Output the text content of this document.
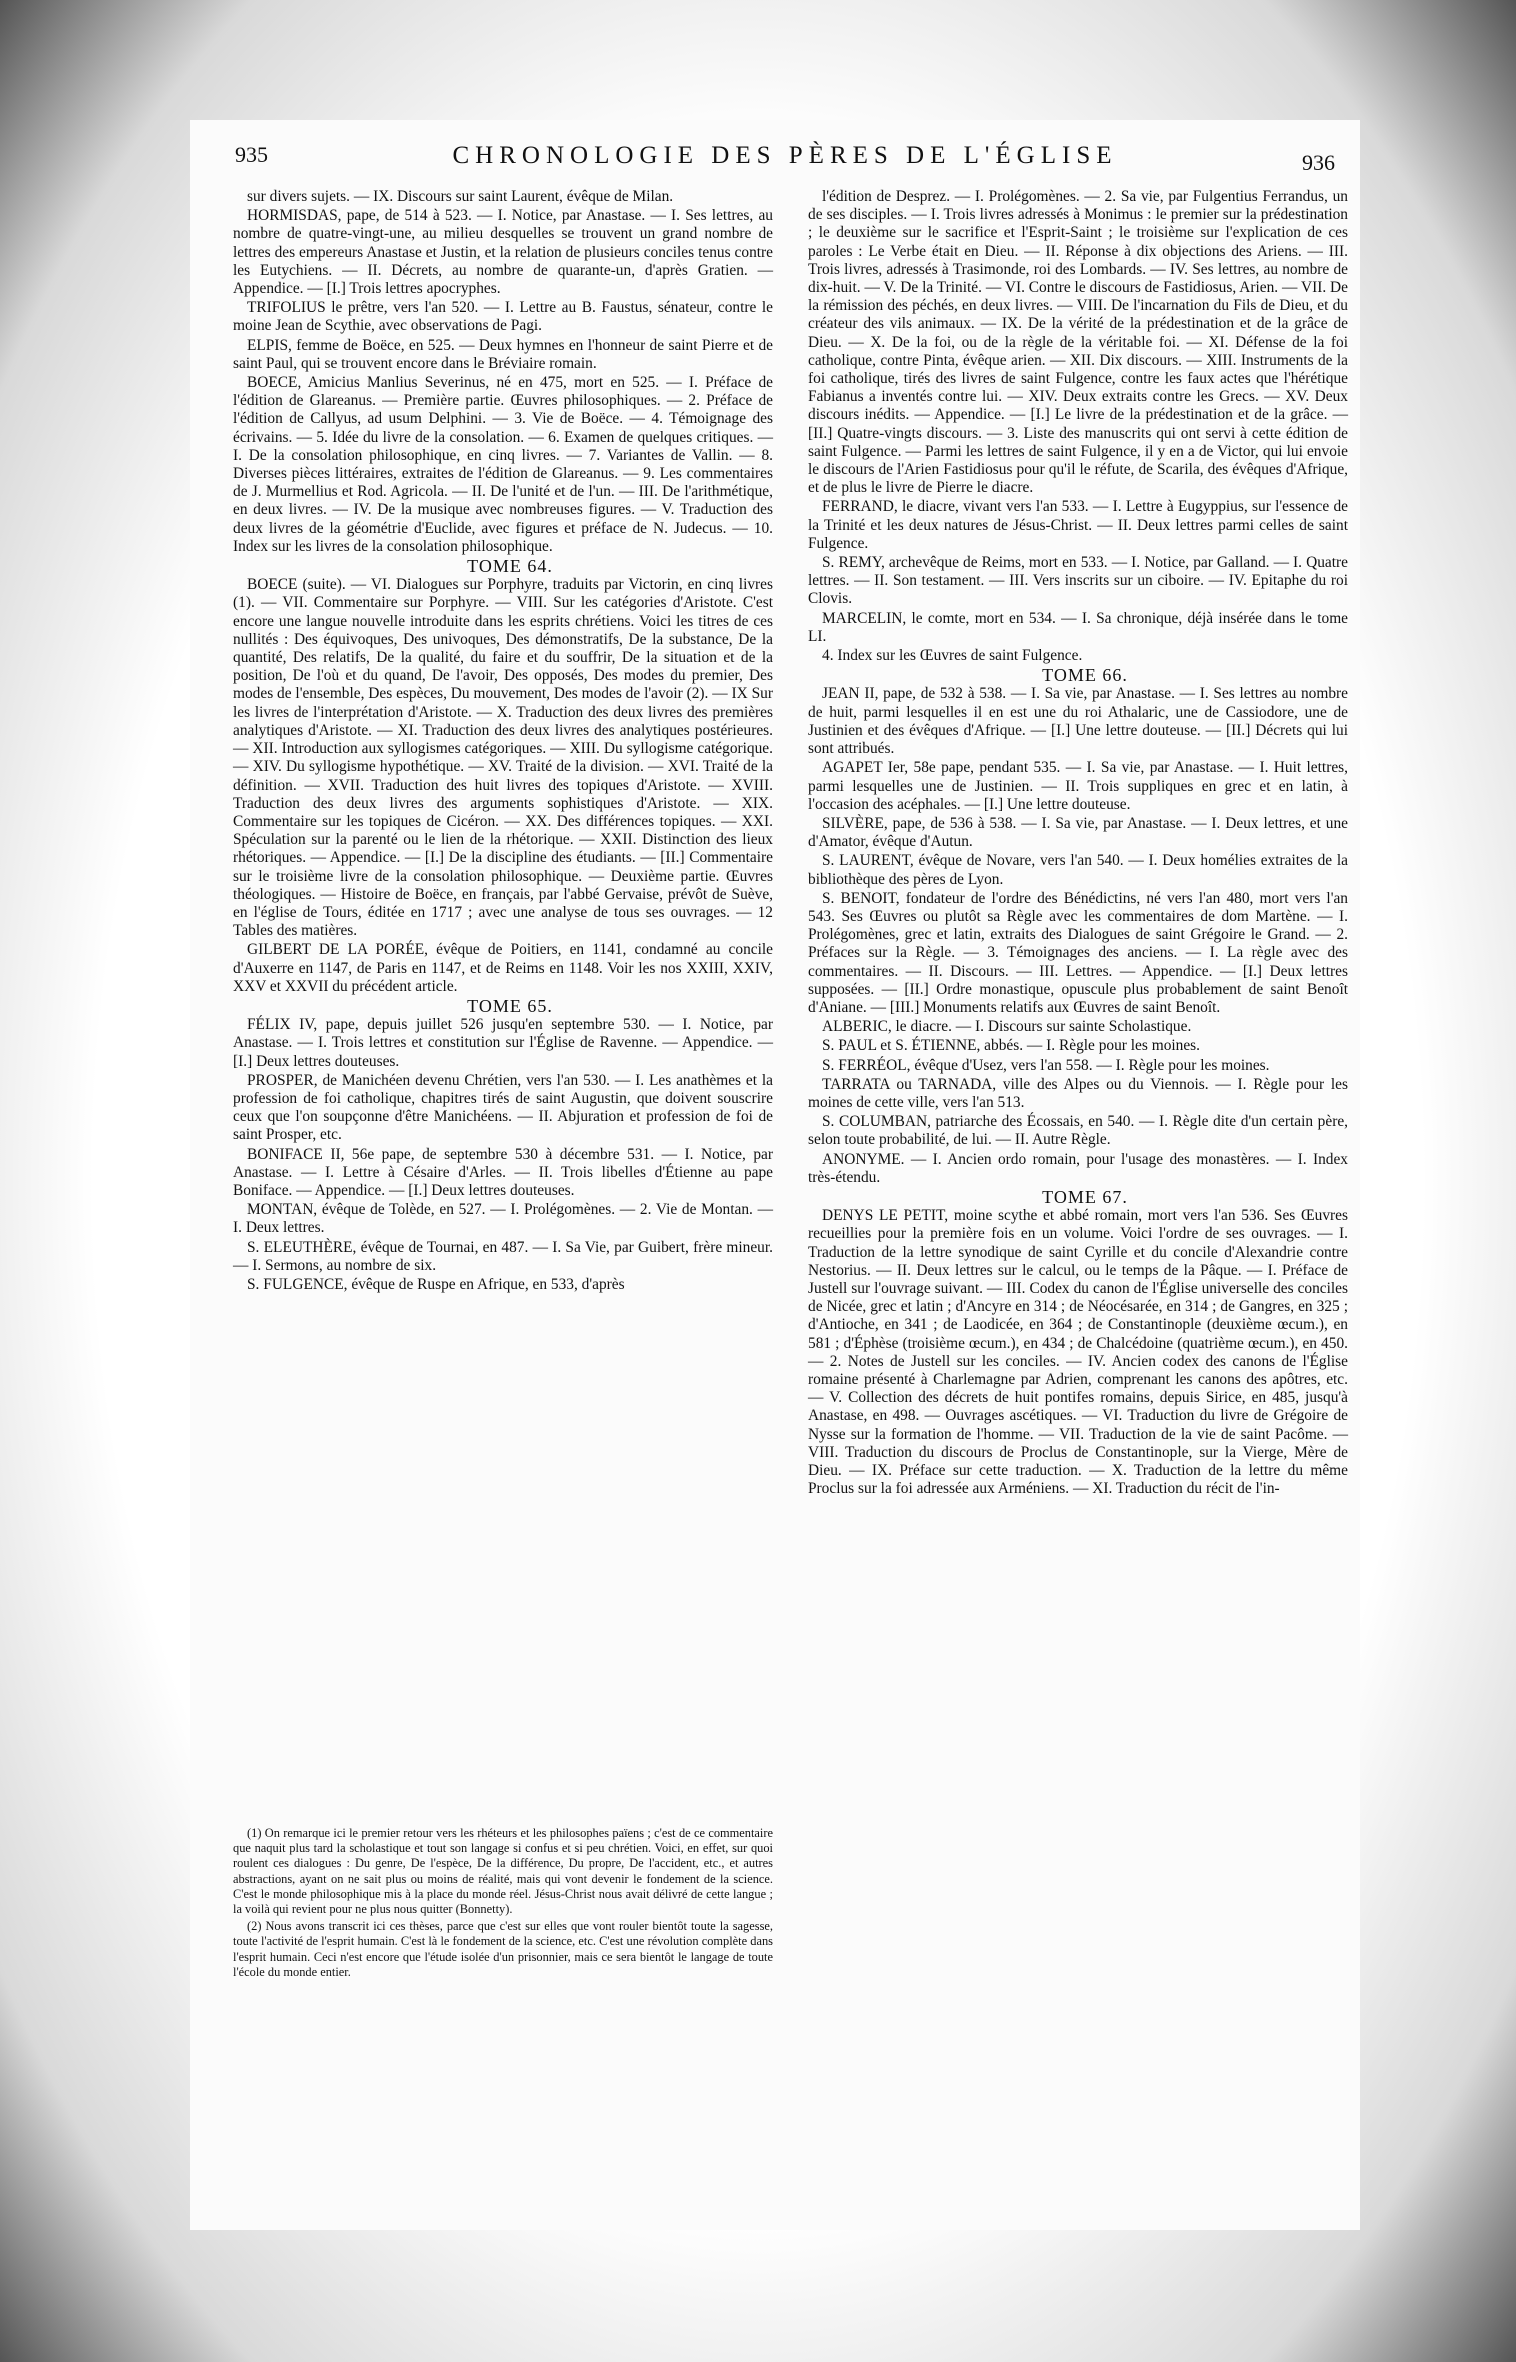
935	CHRONOLOGIE DES PÈRES DE L'ÉGLISE	936

sur divers sujets. — IX. Discours sur saint Laurent, évêque de Milan.

HORMISDAS, pape, de 514 à 523. — I. Notice, par Anastase. — I. Ses lettres, au nombre de quatre-vingt-une, au milieu desquelles se trouvent un grand nombre de lettres des empereurs Anastase et Justin, et la relation de plusieurs conciles tenus contre les Eutychiens. — II. Décrets, au nombre de quarante-un, d'après Gratien. — Appendice. — [I.] Trois lettres apocryphes.

TRIFOLIUS le prêtre, vers l'an 520. — I. Lettre au B. Faustus, sénateur, contre le moine Jean de Scythie, avec observations de Pagi.

ELPIS, femme de Boëce, en 525. — Deux hymnes en l'honneur de saint Pierre et de saint Paul, qui se trouvent encore dans le Bréviaire romain.

BOECE, Amicius Manlius Severinus, né en 475, mort en 525. — I. Préface de l'édition de Glareanus. — Première partie. Œuvres philosophiques. — 2. Préface de l'édition de Callyus, ad usum Delphini. — 3. Vie de Boëce. — 4. Témoignage des écrivains. — 5. Idée du livre de la consolation. — 6. Examen de quelques critiques. — I. De la consolation philosophique, en cinq livres. — 7. Variantes de Vallin. — 8. Diverses pièces littéraires, extraites de l'édition de Glareanus. — 9. Les commentaires de J. Murmellius et Rod. Agricola. — II. De l'unité et de l'un. — III. De l'arithmétique, en deux livres. — IV. De la musique avec nombreuses figures. — V. Traduction des deux livres de la géométrie d'Euclide, avec figures et préface de N. Judecus. — 10. Index sur les livres de la consolation philosophique.

TOME 64.

BOECE (suite). — VI. Dialogues sur Porphyre, traduits par Victorin, en cinq livres (1). — VII. Commentaire sur Porphyre. — VIII. Sur les catégories d'Aristote. C'est encore une langue nouvelle introduite dans les esprits chrétiens. Voici les titres de ces nullités : Des équivoques, Des univoques, Des démonstratifs, De la substance, De la quantité, Des relatifs, De la qualité, du faire et du souffrir, De la situation et de la position, De l'où et du quand, De l'avoir, Des opposés, Des modes du premier, Des modes de l'ensemble, Des espèces, Du mouvement, Des modes de l'avoir (2). — IX Sur les livres de l'interprétation d'Aristote. — X. Traduction des deux livres des premières analytiques d'Aristote. — XI. Traduction des deux livres des analytiques postérieures. — XII. Introduction aux syllogismes catégoriques. — XIII. Du syllogisme catégorique. — XIV. Du syllogisme hypothétique. — XV. Traité de la division. — XVI. Traité de la définition. — XVII. Traduction des huit livres des topiques d'Aristote. — XVIII. Traduction des deux livres des arguments sophistiques d'Aristote. — XIX. Commentaire sur les topiques de Cicéron. — XX. Des différences topiques. — XXI. Spéculation sur la parenté ou le lien de la rhétorique. — XXII. Distinction des lieux rhétoriques. — Appendice. — [I.] De la discipline des étudiants. — [II.] Commentaire sur le troisième livre de la consolation philosophique. — Deuxième partie. Œuvres théologiques. — Histoire de Boëce, en français, par l'abbé Gervaise, prévôt de Suève, en l'église de Tours, éditée en 1717 ; avec une analyse de tous ses ouvrages. — 12 Tables des matières.

GILBERT DE LA PORÉE, évêque de Poitiers, en 1141, condamné au concile d'Auxerre en 1147, de Paris en 1147, et de Reims en 1148. Voir les nos XXIII, XXIV, XXV et XXVII du précédent article.

TOME 65.

FÉLIX IV, pape, depuis juillet 526 jusqu'en septembre 530. — I. Notice, par Anastase. — I. Trois lettres et constitution sur l'Église de Ravenne. — Appendice. — [I.] Deux lettres douteuses.

PROSPER, de Manichéen devenu Chrétien, vers l'an 530. — I. Les anathèmes et la profession de foi catholique, chapitres tirés de saint Augustin, que doivent souscrire ceux que l'on soupçonne d'être Manichéens. — II. Abjuration et profession de foi de saint Prosper, etc.

BONIFACE II, 56e pape, de septembre 530 à décembre 531. — I. Notice, par Anastase. — I. Lettre à Césaire d'Arles. — II. Trois libelles d'Étienne au pape Boniface. — Appendice. — [I.] Deux lettres douteuses.

MONTAN, évêque de Tolède, en 527. — I. Prolégomènes. — 2. Vie de Montan. — I. Deux lettres.

S. ELEUTHÈRE, évêque de Tournai, en 487. — I. Sa Vie, par Guibert, frère mineur. — I. Sermons, au nombre de six.

S. FULGENCE, évêque de Ruspe en Afrique, en 533, d'après

l'édition de Desprez. — I. Prolégomènes. — 2. Sa vie, par Fulgentius Ferrandus, un de ses disciples. — I. Trois livres adressés à Monimus : le premier sur la prédestination ; le deuxième sur le sacrifice et l'Esprit-Saint ; le troisième sur l'explication de ces paroles : Le Verbe était en Dieu. — II. Réponse à dix objections des Ariens. — III. Trois livres, adressés à Trasimonde, roi des Lombards. — IV. Ses lettres, au nombre de dix-huit. — V. De la Trinité. — VI. Contre le discours de Fastidiosus, Arien. — VII. De la rémission des péchés, en deux livres. — VIII. De l'incarnation du Fils de Dieu, et du créateur des vils animaux. — IX. De la vérité de la prédestination et de la grâce de Dieu. — X. De la foi, ou de la règle de la véritable foi. — XI. Défense de la foi catholique, contre Pinta, évêque arien. — XII. Dix discours. — XIII. Instruments de la foi catholique, tirés des livres de saint Fulgence, contre les faux actes que l'hérétique Fabianus a inventés contre lui. — XIV. Deux extraits contre les Grecs. — XV. Deux discours inédits. — Appendice. — [I.] Le livre de la prédestination et de la grâce. — [II.] Quatre-vingts discours. — 3. Liste des manuscrits qui ont servi à cette édition de saint Fulgence. — Parmi les lettres de saint Fulgence, il y en a de Victor, qui lui envoie le discours de l'Arien Fastidiosus pour qu'il le réfute, de Scarila, des évêques d'Afrique, et de plus le livre de Pierre le diacre.

FERRAND, le diacre, vivant vers l'an 533. — I. Lettre à Eugyppius, sur l'essence de la Trinité et les deux natures de Jésus-Christ. — II. Deux lettres parmi celles de saint Fulgence.

S. REMY, archevêque de Reims, mort en 533. — I. Notice, par Galland. — I. Quatre lettres. — II. Son testament. — III. Vers inscrits sur un ciboire. — IV. Epitaphe du roi Clovis.

MARCELIN, le comte, mort en 534. — I. Sa chronique, déjà insérée dans le tome LI.

4. Index sur les Œuvres de saint Fulgence.

TOME 66.

JEAN II, pape, de 532 à 538. — I. Sa vie, par Anastase. — I. Ses lettres au nombre de huit, parmi lesquelles il en est une du roi Athalaric, une de Cassiodore, une de Justinien et des évêques d'Afrique. — [I.] Une lettre douteuse. — [II.] Décrets qui lui sont attribués.

AGAPET Ier, 58e pape, pendant 535. — I. Sa vie, par Anastase. — I. Huit lettres, parmi lesquelles une de Justinien. — II. Trois suppliques en grec et en latin, à l'occasion des acéphales. — [I.] Une lettre douteuse.

SILVÈRE, pape, de 536 à 538. — I. Sa vie, par Anastase. — I. Deux lettres, et une d'Amator, évêque d'Autun.

S. LAURENT, évêque de Novare, vers l'an 540. — I. Deux homélies extraites de la bibliothèque des pères de Lyon.

S. BENOIT, fondateur de l'ordre des Bénédictins, né vers l'an 480, mort vers l'an 543. Ses Œuvres ou plutôt sa Règle avec les commentaires de dom Martène. — I. Prolégomènes, grec et latin, extraits des Dialogues de saint Grégoire le Grand. — 2. Préfaces sur la Règle. — 3. Témoignages des anciens. — I. La règle avec des commentaires. — II. Discours. — III. Lettres. — Appendice. — [I.] Deux lettres supposées. — [II.] Ordre monastique, opuscule plus probablement de saint Benoît d'Aniane. — [III.] Monuments relatifs aux Œuvres de saint Benoît.

ALBERIC, le diacre. — I. Discours sur sainte Scholastique.

S. PAUL et S. ÉTIENNE, abbés. — I. Règle pour les moines.

S. FERRÉOL, évêque d'Usez, vers l'an 558. — I. Règle pour les moines.

TARRATA ou TARNADA, ville des Alpes ou du Viennois. — I. Règle pour les moines de cette ville, vers l'an 513.

S. COLUMBAN, patriarche des Écossais, en 540. — I. Règle dite d'un certain père, selon toute probabilité, de lui. — II. Autre Règle.

ANONYME. — I. Ancien ordo romain, pour l'usage des monastères. — I. Index très-étendu.

TOME 67.

DENYS LE PETIT, moine scythe et abbé romain, mort vers l'an 536. Ses Œuvres recueillies pour la première fois en un volume. Voici l'ordre de ses ouvrages. — I. Traduction de la lettre synodique de saint Cyrille et du concile d'Alexandrie contre Nestorius. — II. Deux lettres sur le calcul, ou le temps de la Pâque. — I. Préface de Justell sur l'ouvrage suivant. — III. Codex du canon de l'Église universelle des conciles de Nicée, grec et latin ; d'Ancyre en 314 ; de Néocésarée, en 314 ; de Gangres, en 325 ; d'Antioche, en 341 ; de Laodicée, en 364 ; de Constantinople (deuxième œcum.), en 581 ; d'Éphèse (troisième œcum.), en 434 ; de Chalcédoine (quatrième œcum.), en 450. — 2. Notes de Justell sur les conciles. — IV. Ancien codex des canons de l'Église romaine présenté à Charlemagne par Adrien, comprenant les canons des apôtres, etc. — V. Collection des décrets de huit pontifes romains, depuis Sirice, en 485, jusqu'à Anastase, en 498. — Ouvrages ascétiques. — VI. Traduction du livre de Grégoire de Nysse sur la formation de l'homme. — VII. Traduction de la vie de saint Pacôme. — VIII. Traduction du discours de Proclus de Constantinople, sur la Vierge, Mère de Dieu. — IX. Préface sur cette traduction. — X. Traduction de la lettre du même Proclus sur la foi adressée aux Arméniens. — XI. Traduction du récit de l'in-

(1) On remarque ici le premier retour vers les rhéteurs et les philosophes païens ; c'est de ce commentaire que naquit plus tard la scholastique et tout son langage si confus et si peu chrétien. Voici, en effet, sur quoi roulent ces dialogues : Du genre, De l'espèce, De la différence, Du propre, De l'accident, etc., et autres abstractions, ayant on ne sait plus ou moins de réalité, mais qui vont devenir le fondement de la science. C'est le monde philosophique mis à la place du monde réel. Jésus-Christ nous avait délivré de cette langue ; la voilà qui revient pour ne plus nous quitter (Bonnetty).

(2) Nous avons transcrit ici ces thèses, parce que c'est sur elles que vont rouler bientôt toute la sagesse, toute l'activité de l'esprit humain. C'est là le fondement de la science, etc. C'est une révolution complète dans l'esprit humain. Ceci n'est encore que l'étude isolée d'un prisonnier, mais ce sera bientôt le langage de toute l'école du monde entier.
